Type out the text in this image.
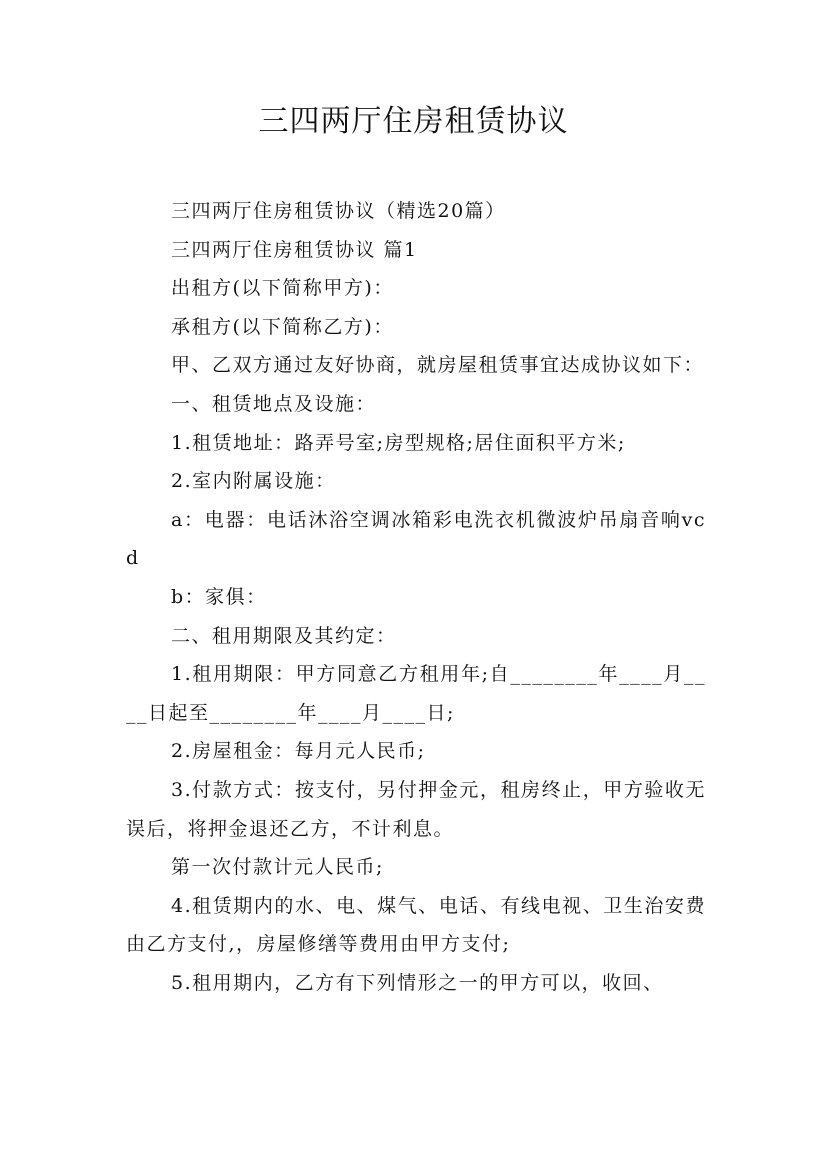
三四两厅住房租赁协议

三四两厅住房租赁协议（精选20篇）

三四两厅住房租赁协议 篇1

出租方(以下简称甲方)：

承租方(以下简称乙方)：

甲、乙双方通过友好协商，就房屋租赁事宜达成协议如下：

一、租赁地点及设施：

1.租赁地址：路弄号室;房型规格;居住面积平方米;

2.室内附属设施：

a：电器：电话沐浴空调冰箱彩电洗衣机微波炉吊扇音响vcd

b：家俱：

二、租用期限及其约定：

1.租用期限：甲方同意乙方租用年;自________年____月____日起至________年____月____日;

2.房屋租金：每月元人民币;

3.付款方式：按支付，另付押金元，租房终止，甲方验收无误后，将押金退还乙方，不计利息。

第一次付款计元人民币;

4.租赁期内的水、电、煤气、电话、有线电视、卫生治安费由乙方支付,，房屋修缮等费用由甲方支付;

5.租用期内，乙方有下列情形之一的甲方可以，收回、
